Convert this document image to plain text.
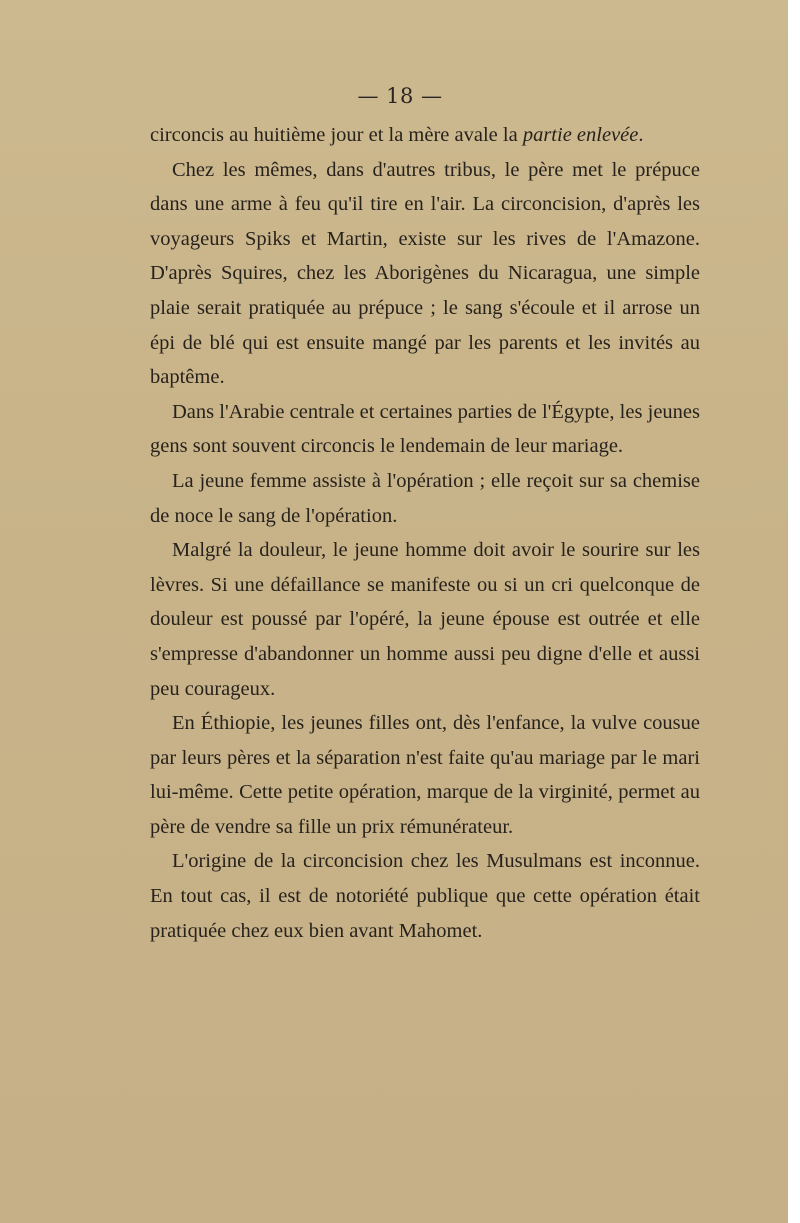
— 18 —

circoncis au huitième jour et la mère avale la partie enlevée.

Chez les mêmes, dans d'autres tribus, le père met le prépuce dans une arme à feu qu'il tire en l'air. La circoncision, d'après les voyageurs Spiks et Martin, existe sur les rives de l'Amazone. D'après Squires, chez les Aborigènes du Nicaragua, une simple plaie serait pratiquée au prépuce ; le sang s'écoule et il arrose un épi de blé qui est ensuite mangé par les parents et les invités au baptême.

Dans l'Arabie centrale et certaines parties de l'Égypte, les jeunes gens sont souvent circoncis le lendemain de leur mariage.

La jeune femme assiste à l'opération ; elle reçoit sur sa chemise de noce le sang de l'opération.

Malgré la douleur, le jeune homme doit avoir le sourire sur les lèvres. Si une défaillance se manifeste ou si un cri quelconque de douleur est poussé par l'opéré, la jeune épouse est outrée et elle s'empresse d'abandonner un homme aussi peu digne d'elle et aussi peu courageux.

En Éthiopie, les jeunes filles ont, dès l'enfance, la vulve cousue par leurs pères et la séparation n'est faite qu'au mariage par le mari lui-même. Cette petite opération, marque de la virginité, permet au père de vendre sa fille un prix rémunérateur.

L'origine de la circoncision chez les Musulmans est inconnue. En tout cas, il est de notoriété publique que cette opération était pratiquée chez eux bien avant Mahomet.
